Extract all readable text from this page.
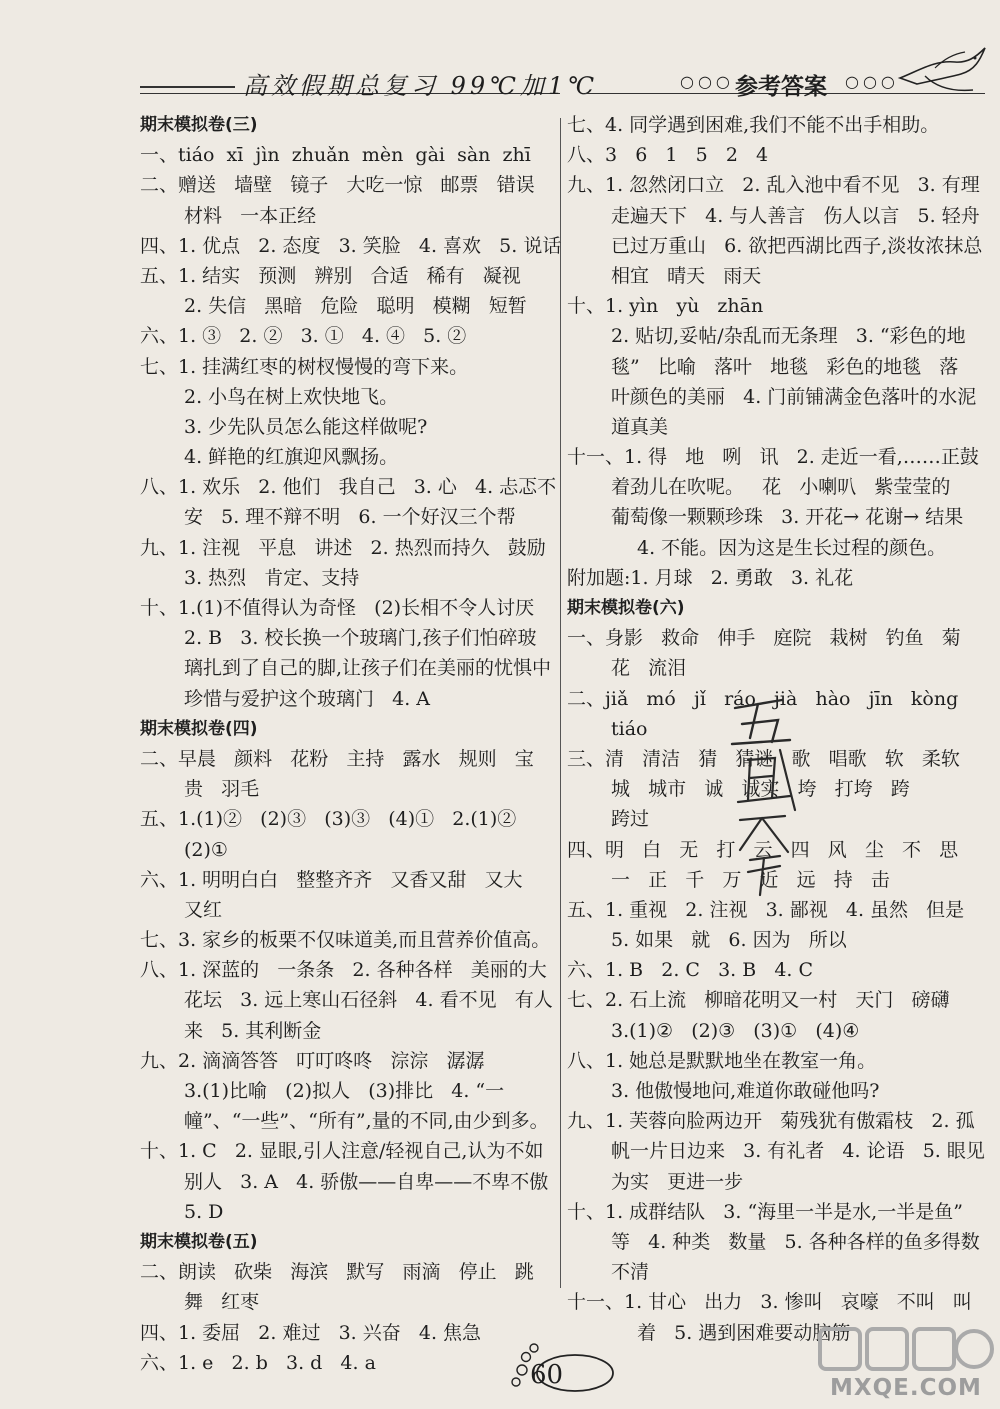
高效假期总复习 99℃加1℃	○○○ 参考答案 ○○○
期末模拟卷(三)
一、tiáo  xī  jìn  zhuǎn  mèn  gài  sàn  zhī
二、赠送   墙壁   镜子   大吃一惊   邮票   错误
材料   一本正经
四、1. 优点   2. 态度   3. 笑脸   4. 喜欢   5. 说话
五、1. 结实   预测   辨别   合适   稀有   凝视
2. 失信   黑暗   危险   聪明   模糊   短暂
六、1. ③   2. ②   3. ①   4. ④   5. ②
七、1. 挂满红枣的树杈慢慢的弯下来。
2. 小鸟在树上欢快地飞。
3. 少先队员怎么能这样做呢?
4. 鲜艳的红旗迎风飘扬。
八、1. 欢乐   2. 他们   我自己   3. 心   4. 忐忑不
安   5. 理不辩不明   6. 一个好汉三个帮
九、1. 注视   平息   讲述   2. 热烈而持久   鼓励
3. 热烈   肯定、支持
十、1.(1)不值得认为奇怪   (2)长相不令人讨厌
2. B   3. 校长换一个玻璃门,孩子们怕碎玻
璃扎到了自己的脚,让孩子们在美丽的忧惧中
珍惜与爱护这个玻璃门   4. A
期末模拟卷(四)
二、早晨   颜料   花粉   主持   露水   规则   宝
贵   羽毛
五、1.(1)②   (2)③   (3)③   (4)①   2.(1)②
(2)①
六、1. 明明白白   整整齐齐   又香又甜   又大
又红
七、3. 家乡的板栗不仅味道美,而且营养价值高。
八、1. 深蓝的   一条条   2. 各种各样   美丽的大
花坛   3. 远上寒山石径斜   4. 看不见   有人
来   5. 其利断金
九、2. 滴滴答答   叮叮咚咚   淙淙   潺潺
3.(1)比喻   (2)拟人   (3)排比   4. “一
幢”、“一些”、“所有”,量的不同,由少到多。
十、1. C   2. 显眼,引人注意/轻视自己,认为不如
别人   3. A   4. 骄傲——自卑——不卑不傲
5. D
期末模拟卷(五)
二、朗读   砍柴   海滨   默写   雨滴   停止   跳
舞   红枣
四、1. 委屈   2. 难过   3. 兴奋   4. 焦急
六、1. e   2. b   3. d   4. a
七、4. 同学遇到困难,我们不能不出手相助。
八、3   6   1   5   2   4
九、1. 忽然闭口立   2. 乱入池中看不见   3. 有理
走遍天下   4. 与人善言   伤人以言   5. 轻舟
已过万重山   6. 欲把西湖比西子,淡妆浓抹总
相宜   晴天   雨天
十、1. yìn   yù   zhān
2. 贴切,妥帖/杂乱而无条理   3. “彩色的地
毯”   比喻   落叶   地毯   彩色的地毯   落
叶颜色的美丽   4. 门前铺满金色落叶的水泥
道真美
十一、1. 得   地   咧   讯   2. 走近一看,……正鼓
着劲儿在吹呢。   花   小喇叭   紫莹莹的
葡萄像一颗颗珍珠   3. 开花→ 花谢→ 结果
4. 不能。因为这是生长过程的颜色。
附加题:1. 月球   2. 勇敢   3. 礼花
期末模拟卷(六)
一、身影   救命   伸手   庭院   栽树   钓鱼   菊
花   流泪
二、jiǎ   mó   jǐ   ráo   jià   hào   jīn   kòng
tiáo
三、清   清洁   猜   猜谜   歌   唱歌   软   柔软
城   城市   诚   诚实   垮   打垮   跨
跨过
四、明   白   无   打   云   四   风   尘   不   思
一   正   千   万   近   远   持   击
五、1. 重视   2. 注视   3. 鄙视   4. 虽然   但是
5. 如果   就   6. 因为   所以
六、1. B   2. C   3. B   4. C
七、2. 石上流   柳暗花明又一村   天门   磅礴
3.(1)②   (2)③   (3)①   (4)④
八、1. 她总是默默地坐在教室一角。
3. 他傲慢地问,难道你敢碰他吗?
九、1. 芙蓉向脸两边开   菊残犹有傲霜枝   2. 孤
帆一片日边来   3. 有礼者   4. 论语   5. 眼见
为实   更进一步
十、1. 成群结队   3. “海里一半是水,一半是鱼”
等   4. 种类   数量   5. 各种各样的鱼多得数
不清
十一、1. 甘心   出力   3. 惨叫   哀嚎   不叫   叫
着   5. 遇到困难要动脑筋
60	MXQE.COM
